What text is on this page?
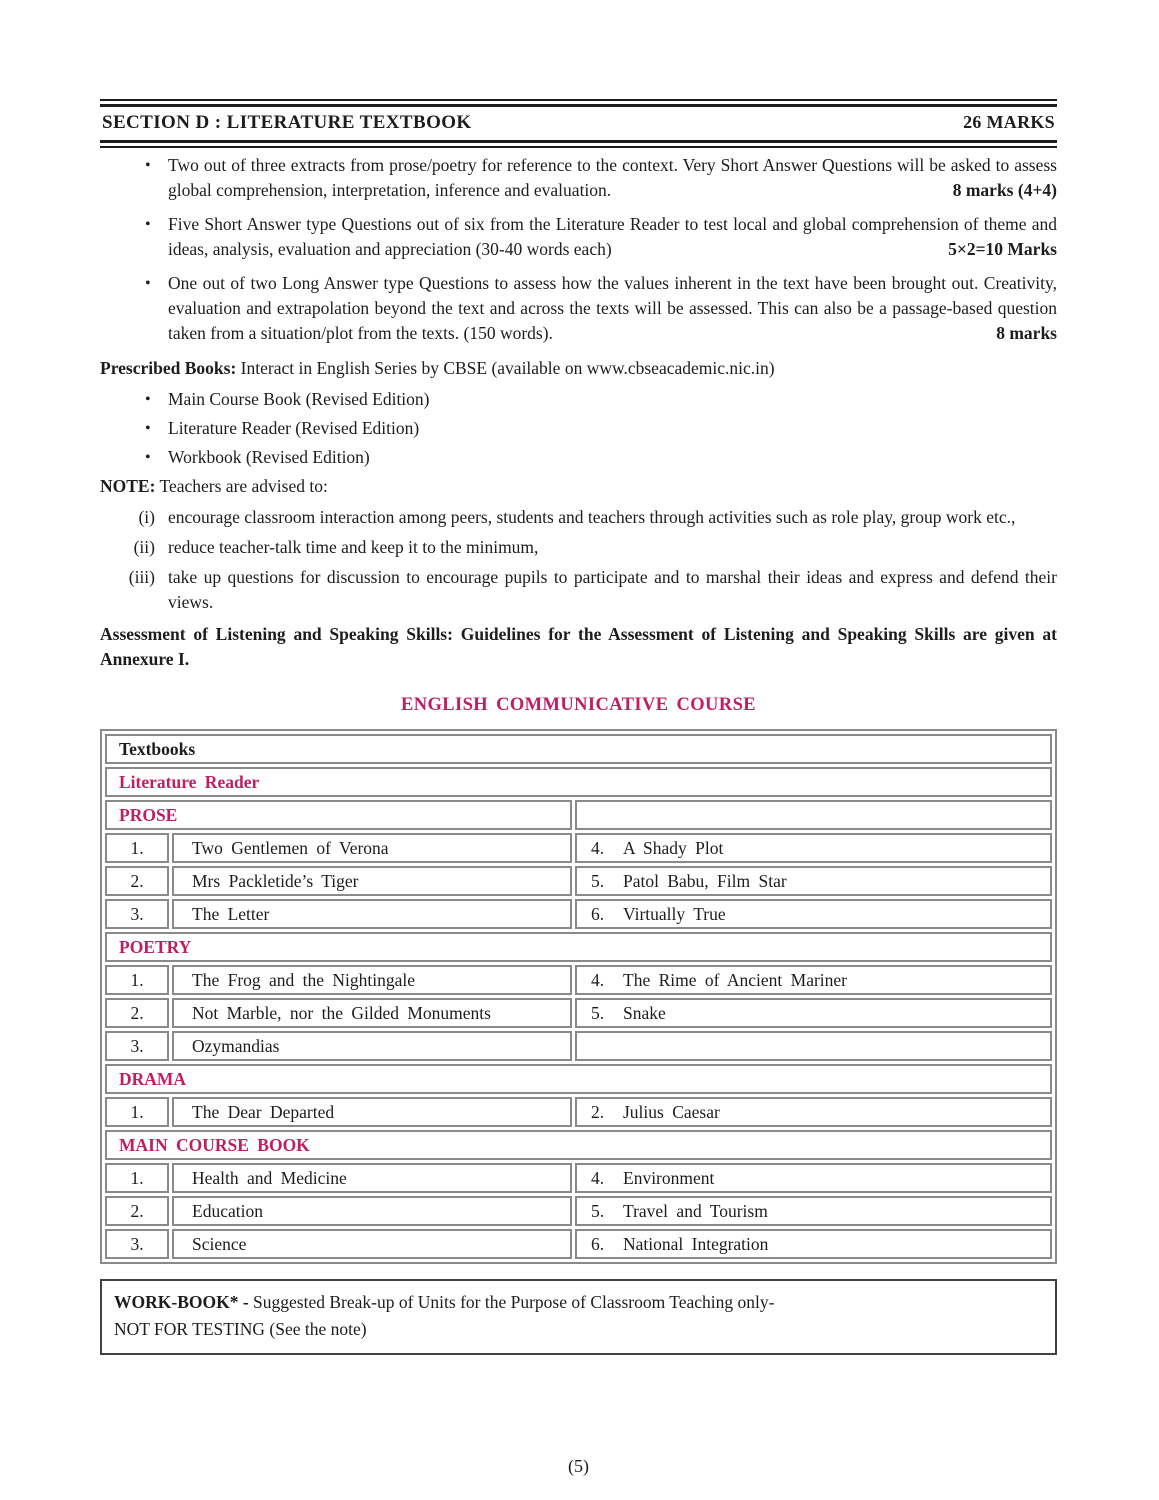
SECTION D : LITERATURE TEXTBOOK	26 MARKS
• Two out of three extracts from prose/poetry for reference to the context. Very Short Answer Questions will be asked to assess global comprehension, interpretation, inference and evaluation.	8 marks (4+4)
• Five Short Answer type Questions out of six from the Literature Reader to test local and global comprehension of theme and ideas, analysis, evaluation and appreciation (30-40 words each)	5×2=10 Marks
• One out of two Long Answer type Questions to assess how the values inherent in the text have been brought out. Creativity, evaluation and extrapolation beyond the text and across the texts will be assessed. This can also be a passage-based question taken from a situation/plot from the texts. (150 words).	8 marks
Prescribed Books: Interact in English Series by CBSE (available on www.cbseacademic.nic.in)
• Main Course Book (Revised Edition)
• Literature Reader (Revised Edition)
• Workbook (Revised Edition)
NOTE: Teachers are advised to:
(i) encourage classroom interaction among peers, students and teachers through activities such as role play, group work etc.,
(ii) reduce teacher-talk time and keep it to the minimum,
(iii) take up questions for discussion to encourage pupils to participate and to marshal their ideas and express and defend their views.
Assessment of Listening and Speaking Skills: Guidelines for the Assessment of Listening and Speaking Skills are given at Annexure I.
ENGLISH COMMUNICATIVE COURSE
Textbooks
Literature Reader
PROSE
1.	Two Gentlemen of Verona	4.	A Shady Plot
2.	Mrs Packletide’s Tiger	5.	Patol Babu, Film Star
3.	The Letter	6.	Virtually True
POETRY
1.	The Frog and the Nightingale	4.	The Rime of Ancient Mariner
2.	Not Marble, nor the Gilded Monuments	5.	Snake
3.	Ozymandias
DRAMA
1.	The Dear Departed	2.	Julius Caesar
MAIN COURSE BOOK
1.	Health and Medicine	4.	Environment
2.	Education	5.	Travel and Tourism
3.	Science	6.	National Integration
WORK-BOOK* - Suggested Break-up of Units for the Purpose of Classroom Teaching only-
NOT FOR TESTING (See the note)
(5)
